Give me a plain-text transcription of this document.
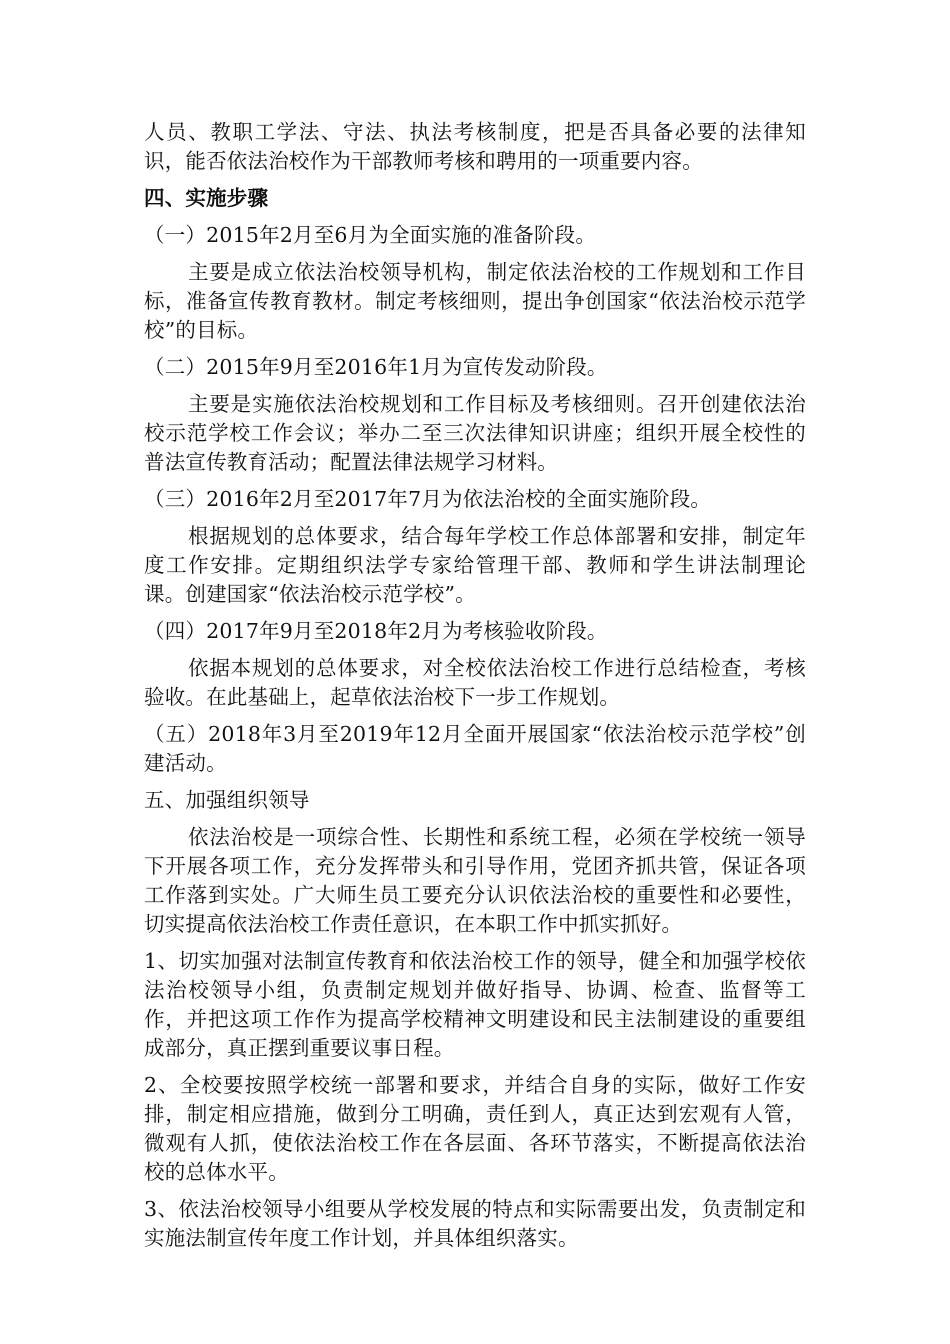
人员、教职工学法、守法、执法考核制度，把是否具备必要的法律知识，能否依法治校作为干部教师考核和聘用的一项重要内容。

四、实施步骤

（一）2015年2月至6月为全面实施的准备阶段。

主要是成立依法治校领导机构，制定依法治校的工作规划和工作目标，准备宣传教育教材。制定考核细则，提出争创国家“依法治校示范学校”的目标。

（二）2015年9月至2016年1月为宣传发动阶段。

主要是实施依法治校规划和工作目标及考核细则。召开创建依法治校示范学校工作会议；举办二至三次法律知识讲座；组织开展全校性的普法宣传教育活动；配置法律法规学习材料。

（三）2016年2月至2017年7月为依法治校的全面实施阶段。

根据规划的总体要求，结合每年学校工作总体部署和安排，制定年度工作安排。定期组织法学专家给管理干部、教师和学生讲法制理论课。创建国家“依法治校示范学校”。

（四）2017年9月至2018年2月为考核验收阶段。

依据本规划的总体要求，对全校依法治校工作进行总结检查，考核验收。在此基础上，起草依法治校下一步工作规划。

（五）2018年3月至2019年12月全面开展国家“依法治校示范学校”创建活动。

五、加强组织领导

依法治校是一项综合性、长期性和系统工程，必须在学校统一领导下开展各项工作，充分发挥带头和引导作用，党团齐抓共管，保证各项工作落到实处。广大师生员工要充分认识依法治校的重要性和必要性，切实提高依法治校工作责任意识，在本职工作中抓实抓好。

1、切实加强对法制宣传教育和依法治校工作的领导，健全和加强学校依法治校领导小组，负责制定规划并做好指导、协调、检查、监督等工作，并把这项工作作为提高学校精神文明建设和民主法制建设的重要组成部分，真正摆到重要议事日程。

2、全校要按照学校统一部署和要求，并结合自身的实际，做好工作安排，制定相应措施，做到分工明确，责任到人，真正达到宏观有人管，微观有人抓，使依法治校工作在各层面、各环节落实，不断提高依法治校的总体水平。

3、依法治校领导小组要从学校发展的特点和实际需要出发，负责制定和实施法制宣传年度工作计划，并具体组织落实。
